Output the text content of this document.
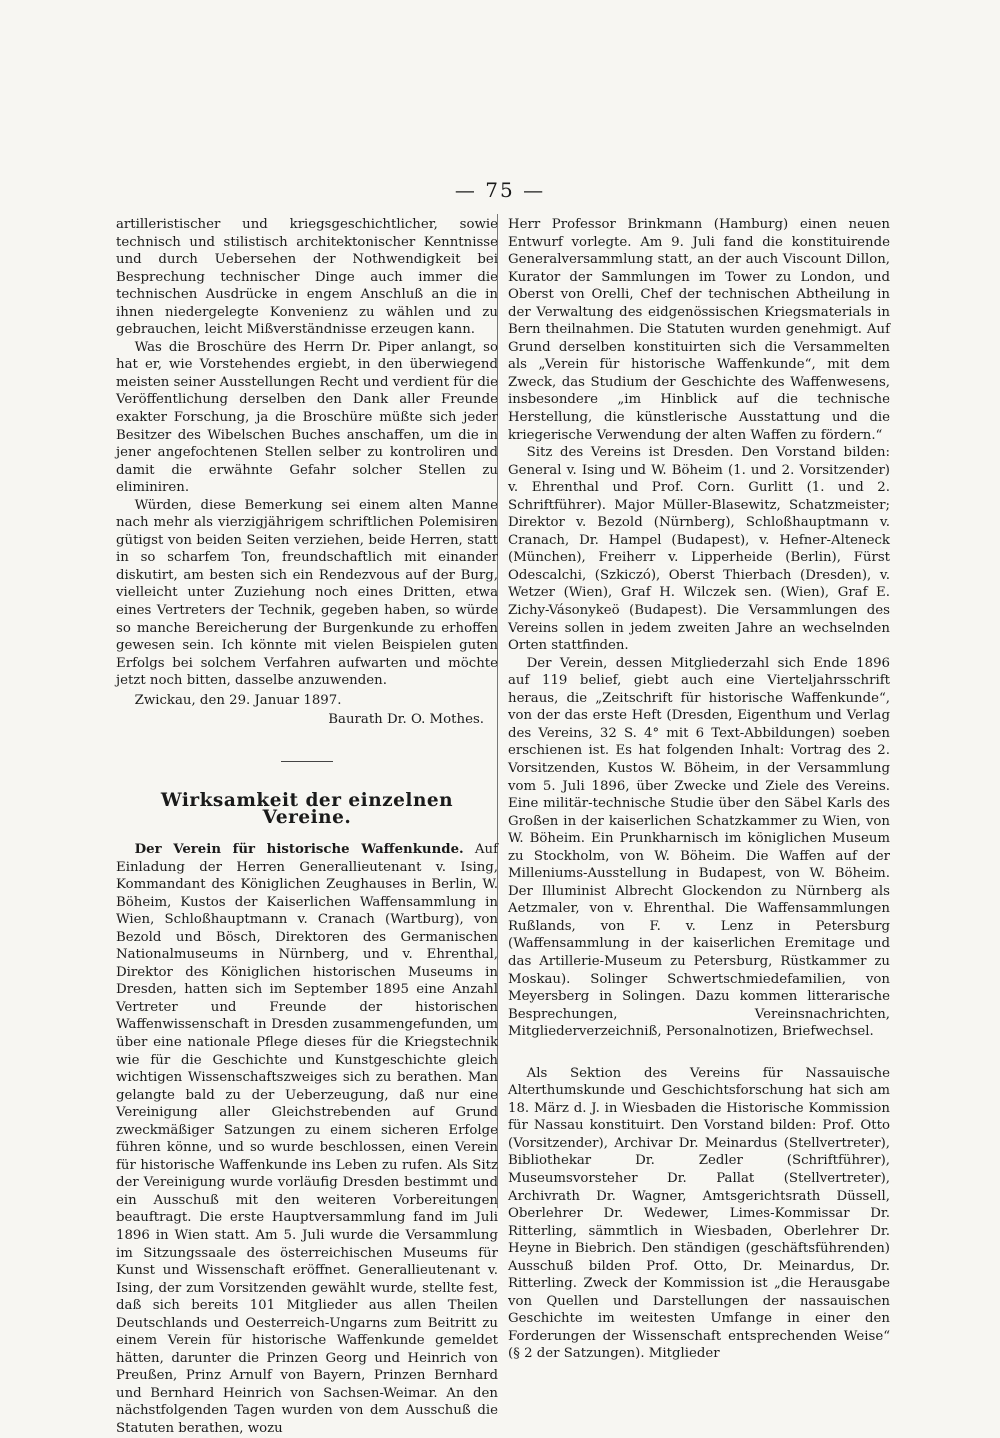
— 75 —

artilleristischer und kriegsgeschichtlicher, sowie technisch und stilistisch architektonischer Kenntnisse und durch Uebersehen der Nothwendigkeit bei Besprechung technischer Dinge auch immer die technischen Ausdrücke in engem Anschluß an die in ihnen niedergelegte Konvenienz zu wählen und zu gebrauchen, leicht Mißverständnisse erzeugen kann.

Was die Broschüre des Herrn Dr. Piper anlangt, so hat er, wie Vorstehendes ergiebt, in den überwiegend meisten seiner Ausstellungen Recht und verdient für die Veröffentlichung derselben den Dank aller Freunde exakter Forschung, ja die Broschüre müßte sich jeder Besitzer des Wibelschen Buches anschaffen, um die in jener angefochtenen Stellen selber zu kontroliren und damit die erwähnte Gefahr solcher Stellen zu eliminiren.

Würden, diese Bemerkung sei einem alten Manne nach mehr als vierzigjährigem schriftlichen Polemisiren gütigst von beiden Seiten verziehen, beide Herren, statt in so scharfem Ton, freundschaftlich mit einander diskutirt, am besten sich ein Rendezvous auf der Burg, vielleicht unter Zuziehung noch eines Dritten, etwa eines Vertreters der Technik, gegeben haben, so würde so manche Bereicherung der Burgenkunde zu erhoffen gewesen sein. Ich könnte mit vielen Beispielen guten Erfolgs bei solchem Verfahren aufwarten und möchte jetzt noch bitten, dasselbe anzuwenden.

Zwickau, den 29. Januar 1897.

Baurath Dr. O. Mothes.

Wirksamkeit der einzelnen Vereine.

Der Verein für historische Waffenkunde. Auf Einladung der Herren Generallieutenant v. Ising, Kommandant des Königlichen Zeughauses in Berlin, W. Böheim, Kustos der Kaiserlichen Waffensammlung in Wien, Schloßhauptmann v. Cranach (Wartburg), von Bezold und Bösch, Direktoren des Germanischen Nationalmuseums in Nürnberg, und v. Ehrenthal, Direktor des Königlichen historischen Museums in Dresden, hatten sich im September 1895 eine Anzahl Vertreter und Freunde der historischen Waffenwissenschaft in Dresden zusammengefunden, um über eine nationale Pflege dieses für die Kriegstechnik wie für die Geschichte und Kunstgeschichte gleich wichtigen Wissenschaftszweiges sich zu berathen. Man gelangte bald zu der Ueberzeugung, daß nur eine Vereinigung aller Gleichstrebenden auf Grund zweckmäßiger Satzungen zu einem sicheren Erfolge führen könne, und so wurde beschlossen, einen Verein für historische Waffenkunde ins Leben zu rufen. Als Sitz der Vereinigung wurde vorläufig Dresden bestimmt und ein Ausschuß mit den weiteren Vorbereitungen beauftragt. Die erste Hauptversammlung fand im Juli 1896 in Wien statt. Am 5. Juli wurde die Versammlung im Sitzungssaale des österreichischen Museums für Kunst und Wissenschaft eröffnet. Generallieutenant v. Ising, der zum Vorsitzenden gewählt wurde, stellte fest, daß sich bereits 101 Mitglieder aus allen Theilen Deutschlands und Oesterreich-Ungarns zum Beitritt zu einem Verein für historische Waffenkunde gemeldet hätten, darunter die Prinzen Georg und Heinrich von Preußen, Prinz Arnulf von Bayern, Prinzen Bernhard und Bernhard Heinrich von Sachsen-Weimar. An den nächstfolgenden Tagen wurden von dem Ausschuß die Statuten berathen, wozu

Herr Professor Brinkmann (Hamburg) einen neuen Entwurf vorlegte. Am 9. Juli fand die konstituirende Generalversammlung statt, an der auch Viscount Dillon, Kurator der Sammlungen im Tower zu London, und Oberst von Orelli, Chef der technischen Abtheilung in der Verwaltung des eidgenössischen Kriegsmaterials in Bern theilnahmen. Die Statuten wurden genehmigt. Auf Grund derselben konstituirten sich die Versammelten als „Verein für historische Waffenkunde“, mit dem Zweck, das Studium der Geschichte des Waffenwesens, insbesondere „im Hinblick auf die technische Herstellung, die künstlerische Ausstattung und die kriegerische Verwendung der alten Waffen zu fördern.“

Sitz des Vereins ist Dresden. Den Vorstand bilden: General v. Ising und W. Böheim (1. und 2. Vorsitzender) v. Ehrenthal und Prof. Corn. Gurlitt (1. und 2. Schriftführer). Major Müller-Blasewitz, Schatzmeister; Direktor v. Bezold (Nürnberg), Schloßhauptmann v. Cranach, Dr. Hampel (Budapest), v. Hefner-Alteneck (München), Freiherr v. Lipperheide (Berlin), Fürst Odescalchi, (Szkiczó), Oberst Thierbach (Dresden), v. Wetzer (Wien), Graf H. Wilczek sen. (Wien), Graf E. Zichy-Vásonykeö (Budapest). Die Versammlungen des Vereins sollen in jedem zweiten Jahre an wechselnden Orten stattfinden.

Der Verein, dessen Mitgliederzahl sich Ende 1896 auf 119 belief, giebt auch eine Vierteljahrsschrift heraus, die „Zeitschrift für historische Waffenkunde“, von der das erste Heft (Dresden, Eigenthum und Verlag des Vereins, 32 S. 4° mit 6 Text-Abbildungen) soeben erschienen ist. Es hat folgenden Inhalt: Vortrag des 2. Vorsitzenden, Kustos W. Böheim, in der Versammlung vom 5. Juli 1896, über Zwecke und Ziele des Vereins. Eine militär-technische Studie über den Säbel Karls des Großen in der kaiserlichen Schatzkammer zu Wien, von W. Böheim. Ein Prunkharnisch im königlichen Museum zu Stockholm, von W. Böheim. Die Waffen auf der Milleniums-Ausstellung in Budapest, von W. Böheim. Der Illuminist Albrecht Glockendon zu Nürnberg als Aetzmaler, von v. Ehrenthal. Die Waffensammlungen Rußlands, von F. v. Lenz in Petersburg (Waffensammlung in der kaiserlichen Eremitage und das Artillerie-Museum zu Petersburg, Rüstkammer zu Moskau). Solinger Schwertschmiedefamilien, von Meyersberg in Solingen. Dazu kommen litterarische Besprechungen, Vereinsnachrichten, Mitgliederverzeichniß, Personalnotizen, Briefwechsel.

Als Sektion des Vereins für Nassauische Alterthumskunde und Geschichtsforschung hat sich am 18. März d. J. in Wiesbaden die Historische Kommission für Nassau konstituirt. Den Vorstand bilden: Prof. Otto (Vorsitzender), Archivar Dr. Meinardus (Stellvertreter), Bibliothekar Dr. Zedler (Schriftführer), Museumsvorsteher Dr. Pallat (Stellvertreter), Archivrath Dr. Wagner, Amtsgerichtsrath Düssell, Oberlehrer Dr. Wedewer, Limes-Kommissar Dr. Ritterling, sämmtlich in Wiesbaden, Oberlehrer Dr. Heyne in Biebrich. Den ständigen (geschäftsführenden) Ausschuß bilden Prof. Otto, Dr. Meinardus, Dr. Ritterling. Zweck der Kommission ist „die Herausgabe von Quellen und Darstellungen der nassauischen Geschichte im weitesten Umfange in einer den Forderungen der Wissenschaft entsprechenden Weise“ (§ 2 der Satzungen). Mitglieder
